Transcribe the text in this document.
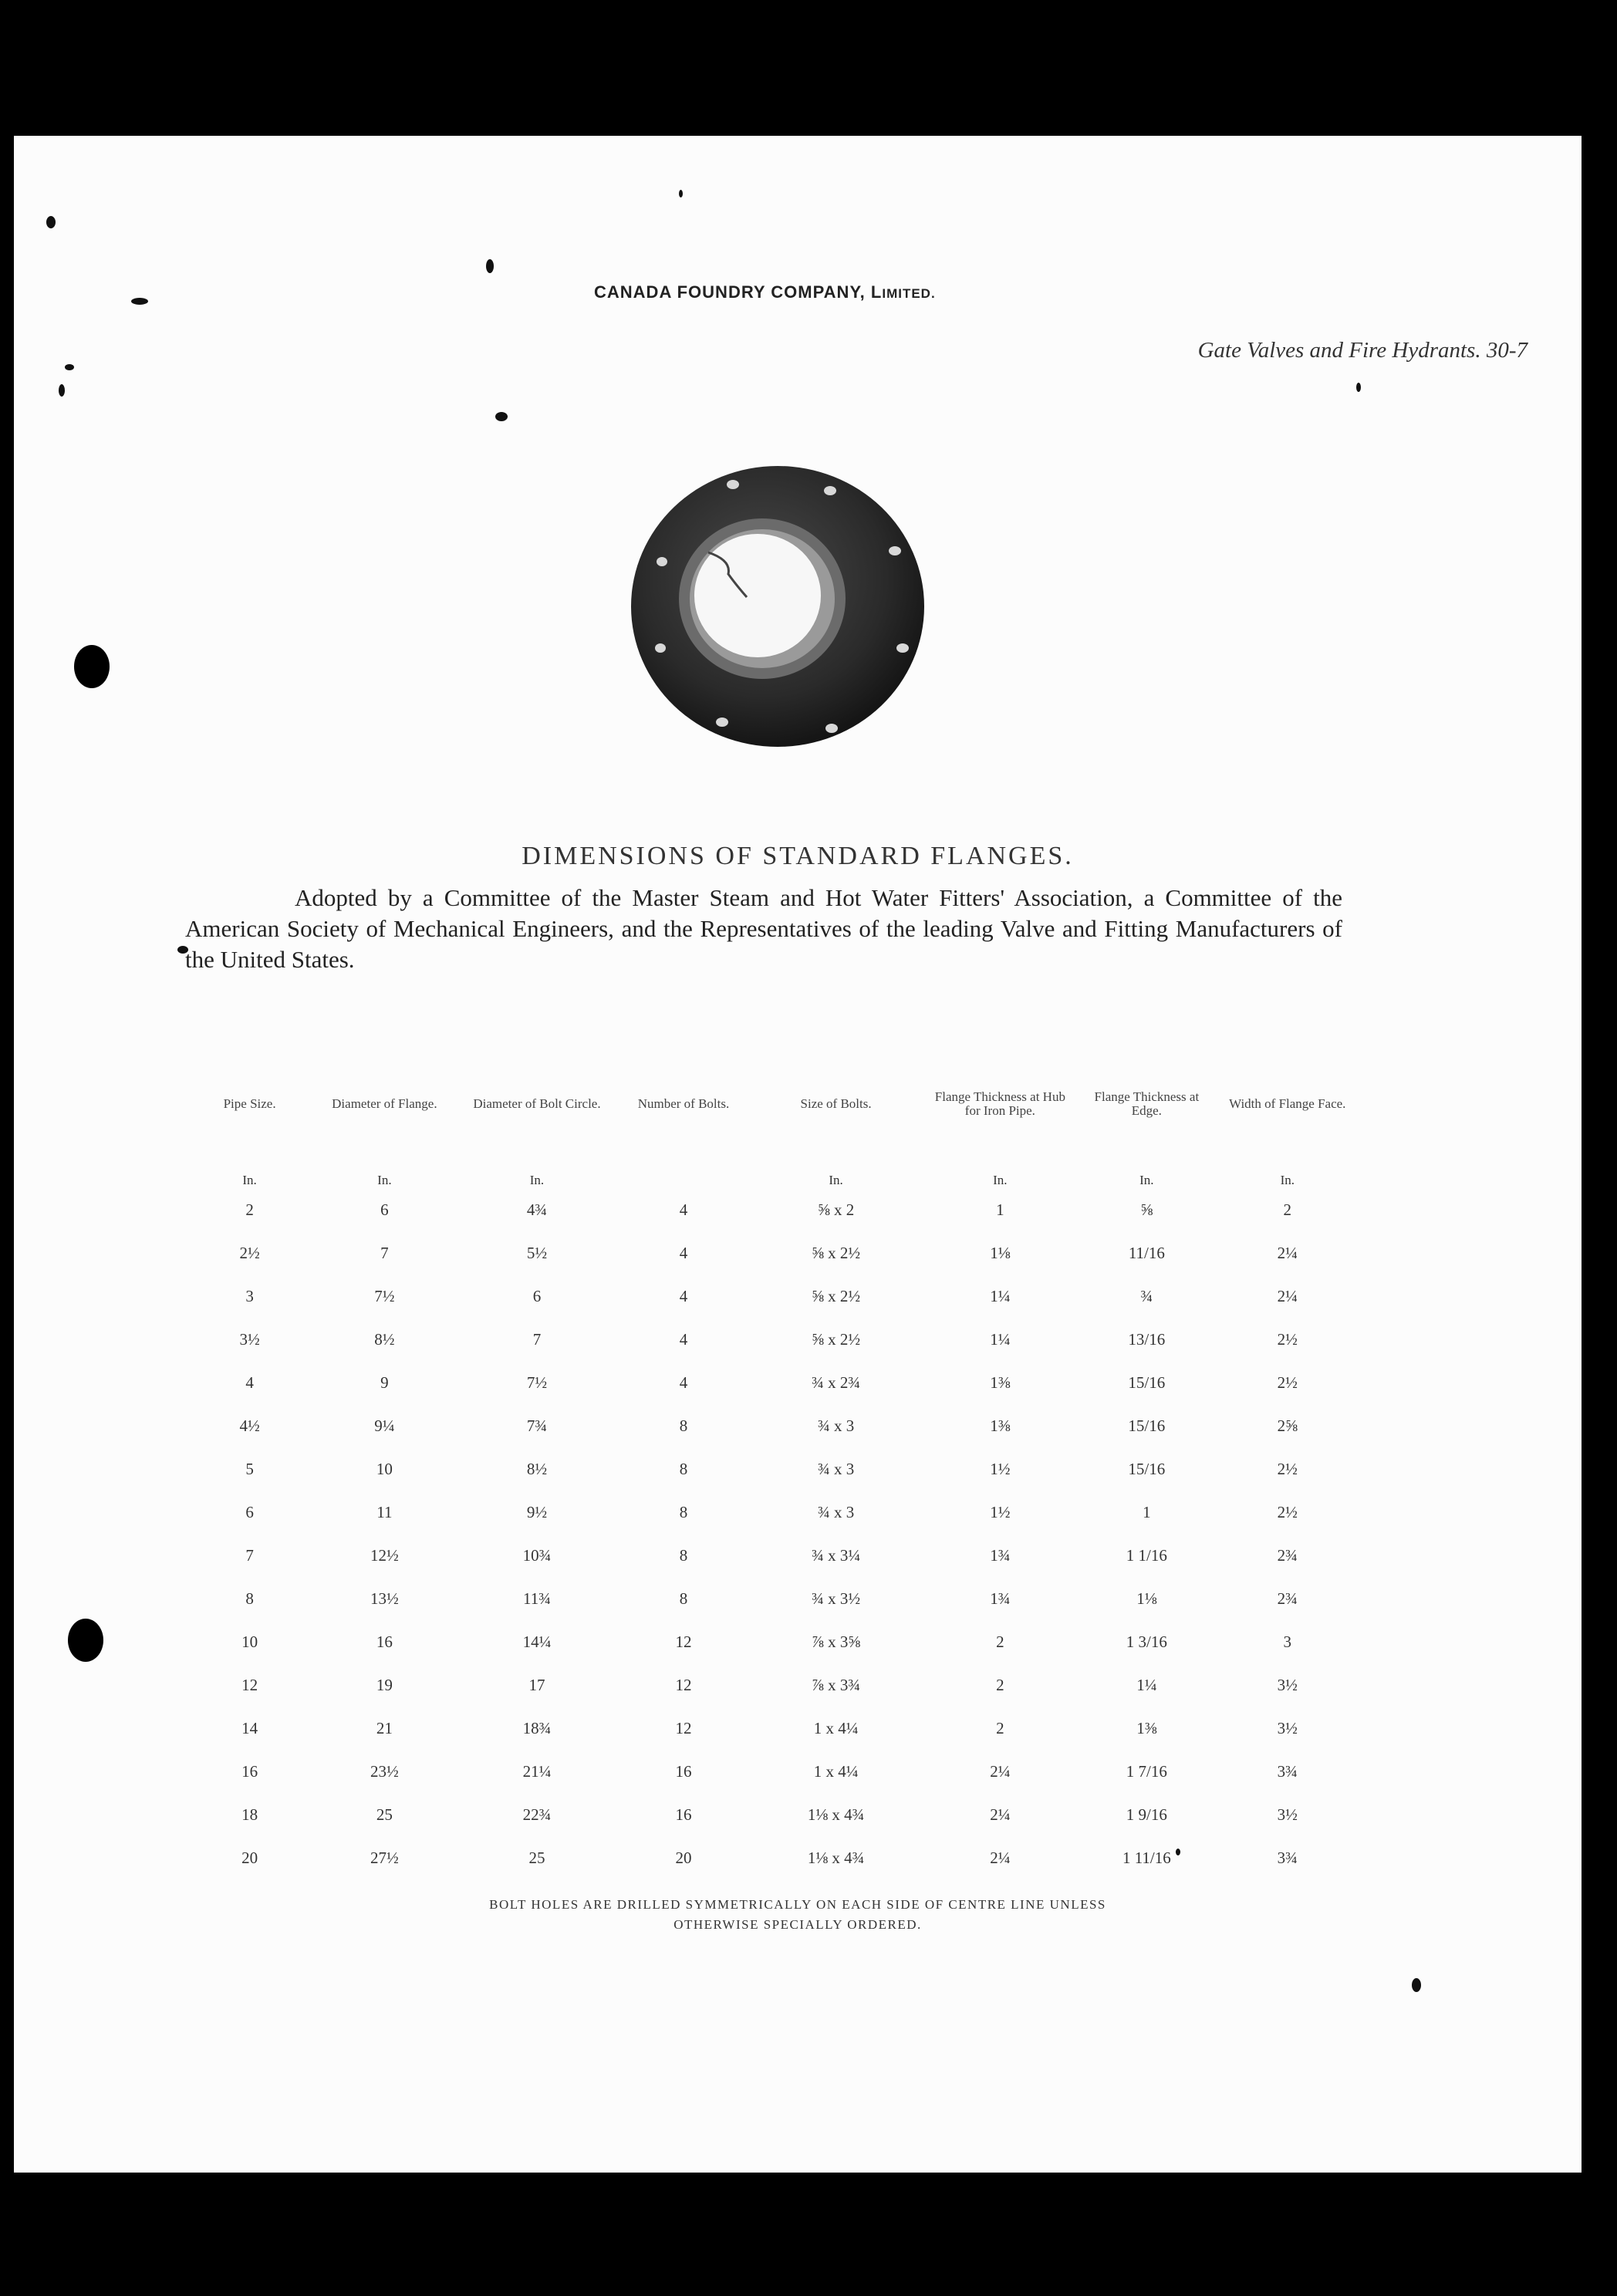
CANADA FOUNDRY COMPANY, LIMITED.
Gate Valves and Fire Hydrants. 30-7
DIMENSIONS OF STANDARD FLANGES.
Adopted by a Committee of the Master Steam and Hot Water Fitters' Association, a Committee of the American Society of Mechanical Engineers, and the Representatives of the leading Valve and Fitting Manufacturers of the United States.
Pipe Size.	Diameter of Flange.	Diameter of Bolt Circle.	Number of Bolts.	Size of Bolts.	Flange Thickness at Hub for Iron Pipe.	Flange Thickness at Edge.	Width of Flange Face.
In.	In.	In.		In.	In.	In.	In.
2	6	4¾	4	⅝ x 2	1	⅝	2
2½	7	5½	4	⅝ x 2½	1⅛	11/16	2¼
3	7½	6	4	⅝ x 2½	1¼	¾	2¼
3½	8½	7	4	⅝ x 2½	1¼	13/16	2½
4	9	7½	4	¾ x 2¾	1⅜	15/16	2½
4½	9¼	7¾	8	¾ x 3	1⅜	15/16	2⅝
5	10	8½	8	¾ x 3	1½	15/16	2½
6	11	9½	8	¾ x 3	1½	1	2½
7	12½	10¾	8	¾ x 3¼	1¾	1 1/16	2¾
8	13½	11¾	8	¾ x 3½	1¾	1⅛	2¾
10	16	14¼	12	⅞ x 3⅝	2	1 3/16	3
12	19	17	12	⅞ x 3¾	2	1¼	3½
14	21	18¾	12	1 x 4¼	2	1⅜	3½
16	23½	21¼	16	1 x 4¼	2¼	1 7/16	3¾
18	25	22¾	16	1⅛ x 4¾	2¼	1 9/16	3½
20	27½	25	20	1⅛ x 4¾	2¼	1 11/16	3¾
BOLT HOLES ARE DRILLED SYMMETRICALLY ON EACH SIDE OF CENTRE LINE UNLESS
OTHERWISE SPECIALLY ORDERED.
